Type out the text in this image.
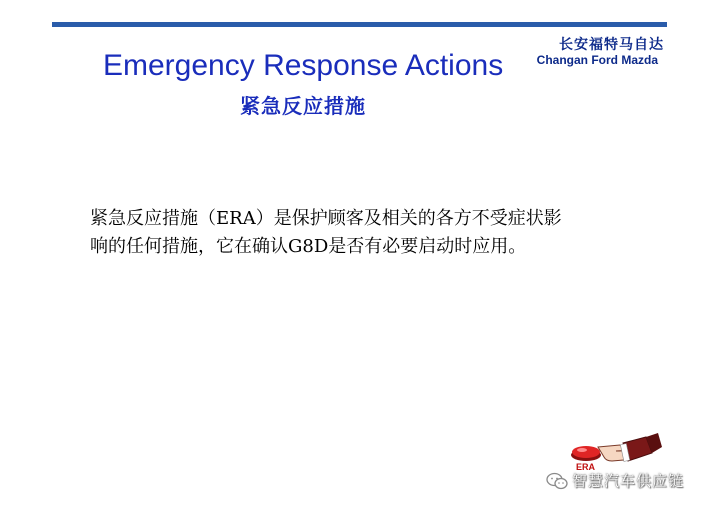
长安福特马自达
Changan Ford Mazda
Emergency Response Actions
紧急反应措施
紧急反应措施（ERA）是保护顾客及相关的各方不受症状影
响的任何措施，它在确认G8D是否有必要启动时应用。
ERA
智慧汽车供应链
